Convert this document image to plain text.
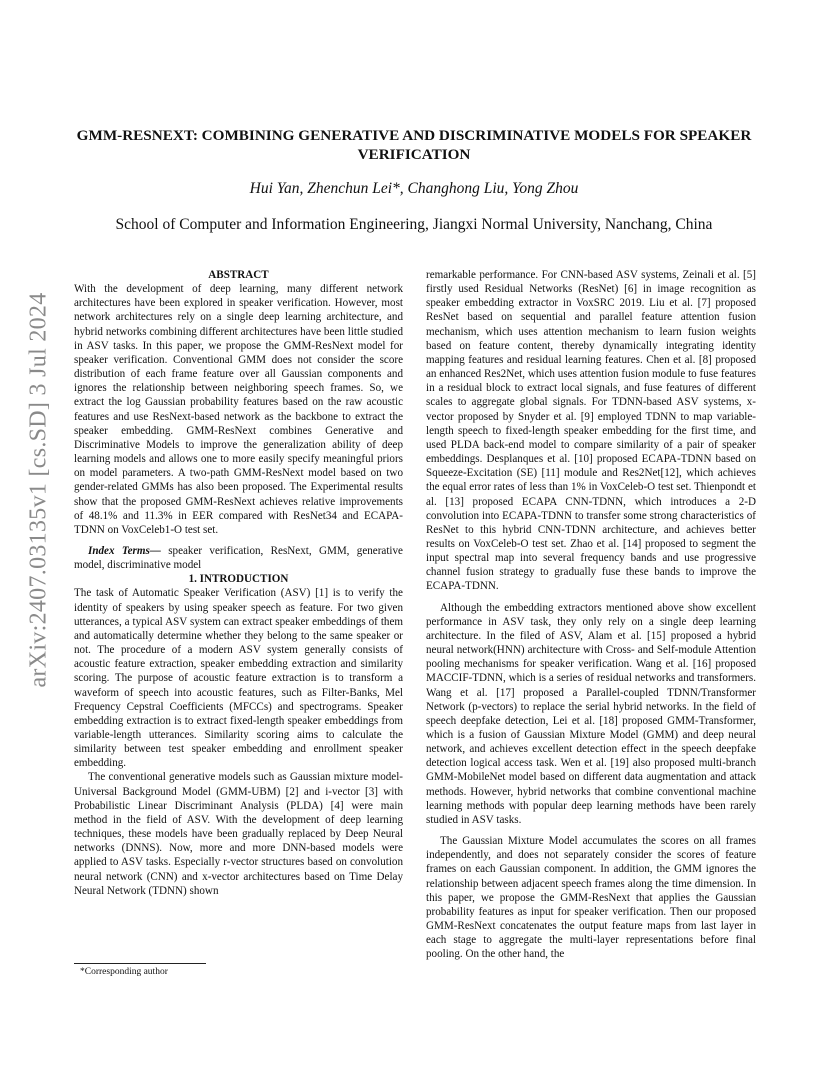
arXiv:2407.03135v1 [cs.SD] 3 Jul 2024
GMM-RESNEXT: COMBINING GENERATIVE AND DISCRIMINATIVE MODELS FOR SPEAKER VERIFICATION
Hui Yan, Zhenchun Lei*, Changhong Liu, Yong Zhou
School of Computer and Information Engineering, Jiangxi Normal University, Nanchang, China

ABSTRACT

With the development of deep learning, many different network architectures have been explored in speaker verification. However, most network architectures rely on a single deep learning architecture, and hybrid networks combining different architectures have been little studied in ASV tasks. In this paper, we propose the GMM-ResNext model for speaker verification. Conventional GMM does not consider the score distribution of each frame feature over all Gaussian components and ignores the relationship between neighboring speech frames. So, we extract the log Gaussian probability features based on the raw acoustic features and use ResNext-based network as the backbone to extract the speaker embedding. GMM-ResNext combines Generative and Discriminative Models to improve the generalization ability of deep learning models and allows one to more easily specify meaningful priors on model parameters. A two-path GMM-ResNext model based on two gender-related GMMs has also been proposed. The Experimental results show that the proposed GMM-ResNext achieves relative improvements of 48.1% and 11.3% in EER compared with ResNet34 and ECAPA-TDNN on VoxCeleb1-O test set.

Index Terms— speaker verification, ResNext, GMM, generative model, discriminative model

1. INTRODUCTION

The task of Automatic Speaker Verification (ASV) [1] is to verify the identity of speakers by using speaker speech as feature. For two given utterances, a typical ASV system can extract speaker embeddings of them and automatically determine whether they belong to the same speaker or not. The procedure of a modern ASV system generally consists of acoustic feature extraction, speaker embedding extraction and similarity scoring. The purpose of acoustic feature extraction is to transform a waveform of speech into acoustic features, such as Filter-Banks, Mel Frequency Cepstral Coefficients (MFCCs) and spectrograms. Speaker embedding extraction is to extract fixed-length speaker embeddings from variable-length utterances. Similarity scoring aims to calculate the similarity between test speaker embedding and enrollment speaker embedding.

The conventional generative models such as Gaussian mixture model-Universal Background Model (GMM-UBM) [2] and i-vector [3] with Probabilistic Linear Discriminant Analysis (PLDA) [4] were main method in the field of ASV. With the development of deep learning techniques, these models have been gradually replaced by Deep Neural networks (DNNS). Now, more and more DNN-based models were applied to ASV tasks. Especially r-vector structures based on convolution neural network (CNN) and x-vector architectures based on Time Delay Neural Network (TDNN) shown

remarkable performance. For CNN-based ASV systems, Zeinali et al. [5] firstly used Residual Networks (ResNet) [6] in image recognition as speaker embedding extractor in VoxSRC 2019. Liu et al. [7] proposed ResNet based on sequential and parallel feature attention fusion mechanism, which uses attention mechanism to learn fusion weights based on feature content, thereby dynamically integrating identity mapping features and residual learning features. Chen et al. [8] proposed an enhanced Res2Net, which uses attention fusion module to fuse features in a residual block to extract local signals, and fuse features of different scales to aggregate global signals. For TDNN-based ASV systems, x-vector proposed by Snyder et al. [9] employed TDNN to map variable-length speech to fixed-length speaker embedding for the first time, and used PLDA back-end model to compare similarity of a pair of speaker embeddings. Desplanques et al. [10] proposed ECAPA-TDNN based on Squeeze-Excitation (SE) [11] module and Res2Net[12], which achieves the equal error rates of less than 1% in VoxCeleb-O test set. Thienpondt et al. [13] proposed ECAPA CNN-TDNN, which introduces a 2-D convolution into ECAPA-TDNN to transfer some strong characteristics of ResNet to this hybrid CNN-TDNN architecture, and achieves better results on VoxCeleb-O test set. Zhao et al. [14] proposed to segment the input spectral map into several frequency bands and use progressive channel fusion strategy to gradually fuse these bands to improve the ECAPA-TDNN.

Although the embedding extractors mentioned above show excellent performance in ASV task, they only rely on a single deep learning architecture. In the filed of ASV, Alam et al. [15] proposed a hybrid neural network(HNN) architecture with Cross- and Self-module Attention pooling mechanisms for speaker verification. Wang et al. [16] proposed MACCIF-TDNN, which is a series of residual networks and transformers. Wang et al. [17] proposed a Parallel-coupled TDNN/Transformer Network (p-vectors) to replace the serial hybrid networks. In the field of speech deepfake detection, Lei et al. [18] proposed GMM-Transformer, which is a fusion of Gaussian Mixture Model (GMM) and deep neural network, and achieves excellent detection effect in the speech deepfake detection logical access task. Wen et al. [19] also proposed multi-branch GMM-MobileNet model based on different data augmentation and attack methods. However, hybrid networks that combine conventional machine learning methods with popular deep learning methods have been rarely studied in ASV tasks.

The Gaussian Mixture Model accumulates the scores on all frames independently, and does not separately consider the scores of feature frames on each Gaussian component. In addition, the GMM ignores the relationship between adjacent speech frames along the time dimension. In this paper, we propose the GMM-ResNext that applies the Gaussian probability features as input for speaker verification. Then our proposed GMM-ResNext concatenates the output feature maps from last layer in each stage to aggregate the multi-layer representations before final pooling. On the other hand, the

*Corresponding author
